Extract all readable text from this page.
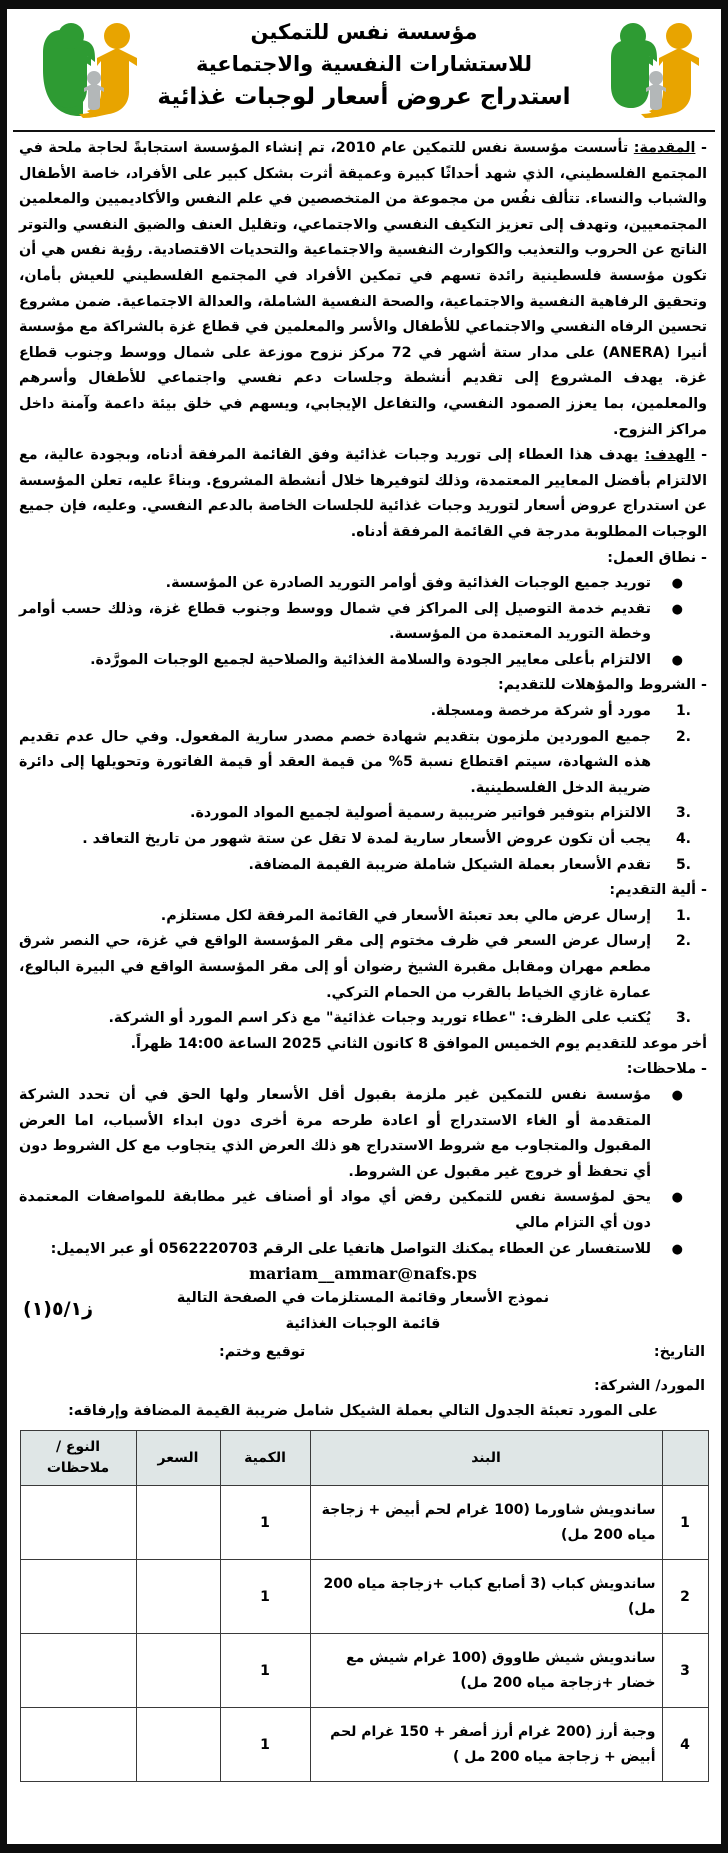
مؤسسة نفس للتمكين
للاستشارات النفسية والاجتماعية
استدراج عروض أسعار لوجبات غذائية

- المقدمة: تأسست مؤسسة نفس للتمكين عام 2010، تم إنشاء المؤسسة استجابةً لحاجة ملحة في المجتمع الفلسطيني، الذي شهد أحداثًا كبيرة وعميقة أثرت بشكل كبير على الأفراد، خاصة الأطفال والشباب والنساء. تتألف نفُس من مجموعة من المتخصصين في علم النفس والأكاديميين والمعلمين المجتمعيين، وتهدف إلى تعزيز التكيف النفسي والاجتماعي، وتقليل العنف والضيق النفسي والتوتر الناتج عن الحروب والتعذيب والكوارث النفسية والاجتماعية والتحديات الاقتصادية. رؤية نفس هي أن تكون مؤسسة فلسطينية رائدة تسهم في تمكين الأفراد في المجتمع الفلسطيني للعيش بأمان، وتحقيق الرفاهية النفسية والاجتماعية، والصحة النفسية الشاملة، والعدالة الاجتماعية. ضمن مشروع تحسين الرفاه النفسي والاجتماعي للأطفال والأسر والمعلمين في قطاع غزة بالشراكة مع مؤسسة أنيرا (ANERA) على مدار ستة أشهر في 72 مركز نزوح موزعة على شمال ووسط وجنوب قطاع غزة. يهدف المشروع إلى تقديم أنشطة وجلسات دعم نفسي واجتماعي للأطفال وأسرهم والمعلمين، بما يعزز الصمود النفسي، والتفاعل الإيجابي، ويسهم في خلق بيئة داعمة وآمنة داخل مراكز النزوح.

- الهدف: يهدف هذا العطاء إلى توريد وجبات غذائية وفق القائمة المرفقة أدناه، وبجودة عالية، مع الالتزام بأفضل المعايير المعتمدة، وذلك لتوفيرها خلال أنشطة المشروع. وبناءً عليه، تعلن المؤسسة عن استدراج عروض أسعار لتوريد وجبات غذائية للجلسات الخاصة بالدعم النفسي. وعليه، فإن جميع الوجبات المطلوبة مدرجة في القائمة المرفقة أدناه.

- نطاق العمل:
●
توريد جميع الوجبات الغذائية وفق أوامر التوريد الصادرة عن المؤسسة.
●
تقديم خدمة التوصيل إلى المراكز في شمال ووسط وجنوب قطاع غزة، وذلك حسب أوامر وخطة التوريد المعتمدة من المؤسسة.
●
الالتزام بأعلى معايير الجودة والسلامة الغذائية والصلاحية لجميع الوجبات المورَّدة.
- الشروط والمؤهلات للتقديم:
1.
مورد أو شركة مرخصة ومسجلة.
2.
جميع الموردين ملزمون بتقديم شهادة خصم مصدر سارية المفعول. وفي حال عدم تقديم هذه الشهادة، سيتم اقتطاع نسبة 5% من قيمة العقد أو قيمة الفاتورة وتحويلها إلى دائرة ضريبة الدخل الفلسطينية.
3.
الالتزام بتوفير فواتير ضريبية رسمية أصولية لجميع المواد الموردة.
4.
يجب أن تكون عروض الأسعار سارية لمدة لا تقل عن ستة شهور من تاريخ التعاقد .
5.
تقدم الأسعار بعملة الشيكل شاملة ضريبة القيمة المضافة.
- ألية التقديم:
1.
إرسال عرض مالي بعد تعبئة الأسعار في القائمة المرفقة لكل مستلزم.
2.
إرسال عرض السعر في ظرف مختوم إلى مقر المؤسسة الواقع في غزة، حي النصر شرق مطعم مهران ومقابل مقبرة الشيخ رضوان أو إلى مقر المؤسسة الواقع في البيرة البالوع، عمارة غازي الخياط بالقرب من الحمام التركي.
3.
يُكتب على الظرف: "عطاء توريد وجبات غذائية" مع ذكر اسم المورد أو الشركة.
أخر موعد للتقديم يوم الخميس الموافق 8 كانون الثاني 2025 الساعة 14:00 ظهراً.
- ملاحظات:
●
مؤسسة نفس للتمكين غير ملزمة بقبول أقل الأسعار ولها الحق في أن تحدد الشركة المتقدمة أو الغاء الاستدراج أو اعادة طرحه مرة أخرى دون ابداء الأسباب، اما العرض المقبول والمتجاوب مع شروط الاستدراج هو ذلك العرض الذي يتجاوب مع كل الشروط دون أي تحفظ أو خروج غير مقبول عن الشروط.
●
يحق لمؤسسة نفس للتمكين رفض أي مواد أو أصناف غير مطابقة للمواصفات المعتمدة دون أي التزام مالي
●
للاستفسار عن العطاء يمكنك التواصل هاتفيا على الرقم 0562220703 أو عبر الايميل:
mariam__ammar@nafs.ps
ز٥/١(١)	نموذج الأسعار وقائمة المستلزمات في الصفحة التالية
قائمة الوجبات الغذائية
التاريخ:
توقيع وختم:
المورد/ الشركة:
على المورد تعبئة الجدول التالي بعملة الشيكل شامل ضريبة القيمة المضافة وإرفاقه:
	البند	الكمية	السعر	النوع / ملاحظات
1	ساندويش شاورما (100 غرام لحم أبيض + زجاجة مياه 200 مل)	1		
2	ساندويش كباب (3 أصابع كباب +زجاجة مياه 200 مل)	1		
3	ساندويش شيش طاووق (100 غرام شيش مع خضار +زجاجة مياه 200 مل)	1		
4	وجبة أرز (200 غرام أرز أصفر + 150 غرام لحم أبيض + زجاجة مياه 200 مل )	1		
